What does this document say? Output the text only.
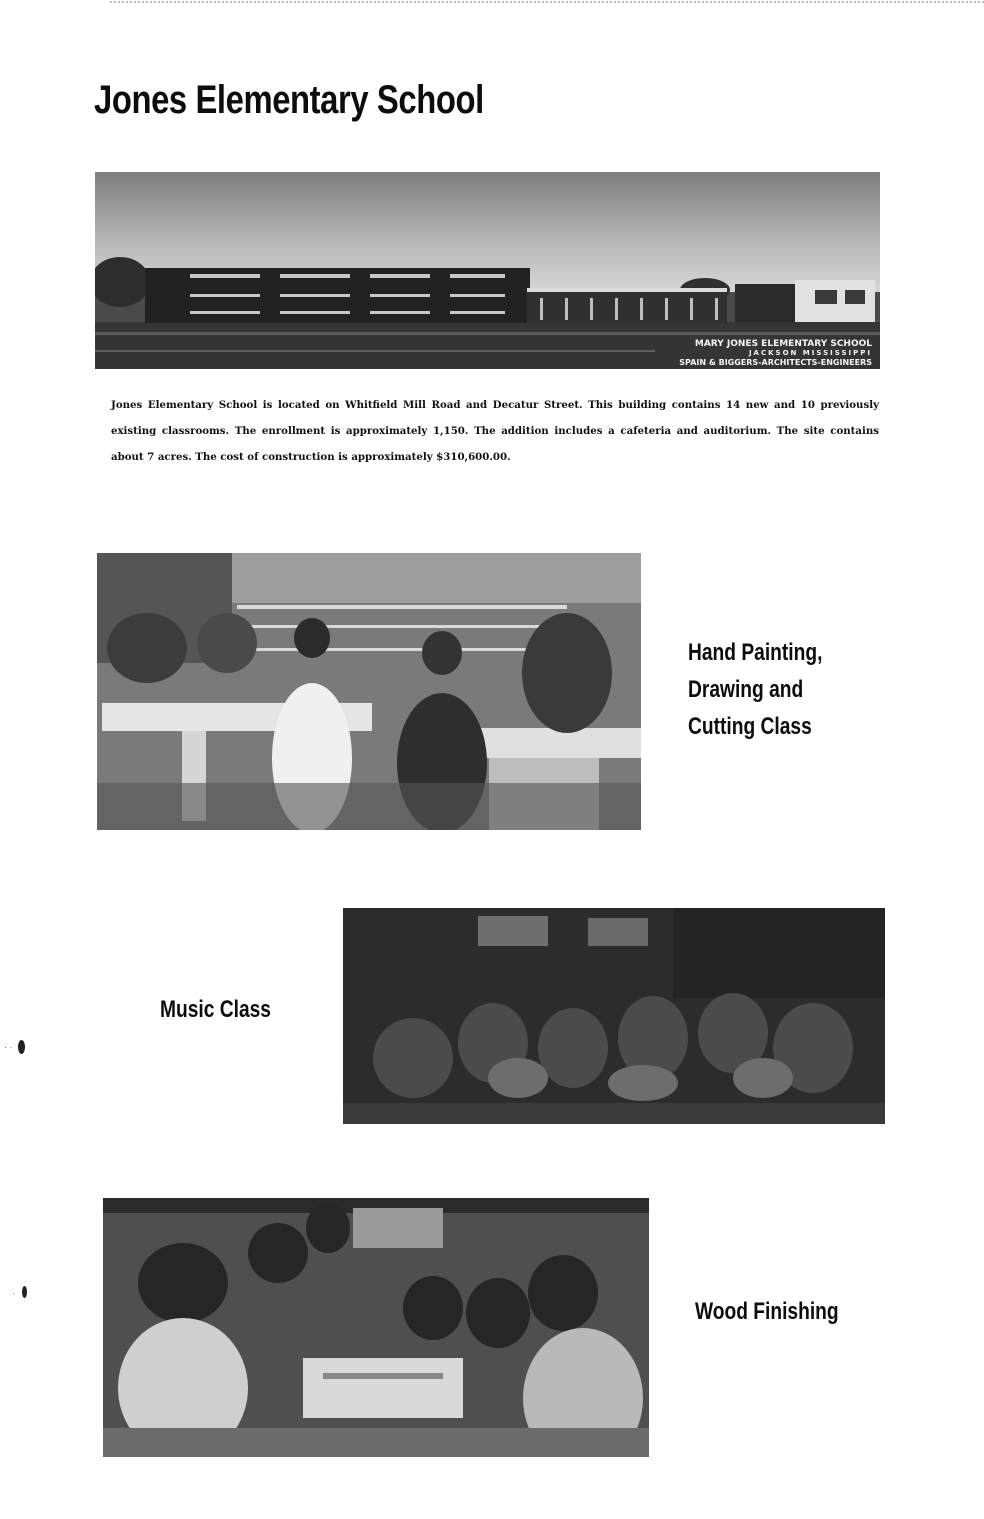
Jones Elementary School
MARY JONES ELEMENTARY SCHOOL
JACKSON MISSISSIPPI
SPAIN & BIGGERS-ARCHITECTS-ENGINEERS

Jones Elementary School is located on Whitfield Mill Road and Decatur Street. This building contains 14 new and 10 previously existing classrooms. The enrollment is approximately 1,150. The addition includes a cafeteria and auditorium. The site contains about 7 acres. The cost of construction is approximately $310,600.00.

Hand Painting,
Drawing and
Cutting Class
Music Class
· ·
Wood Finishing
·
